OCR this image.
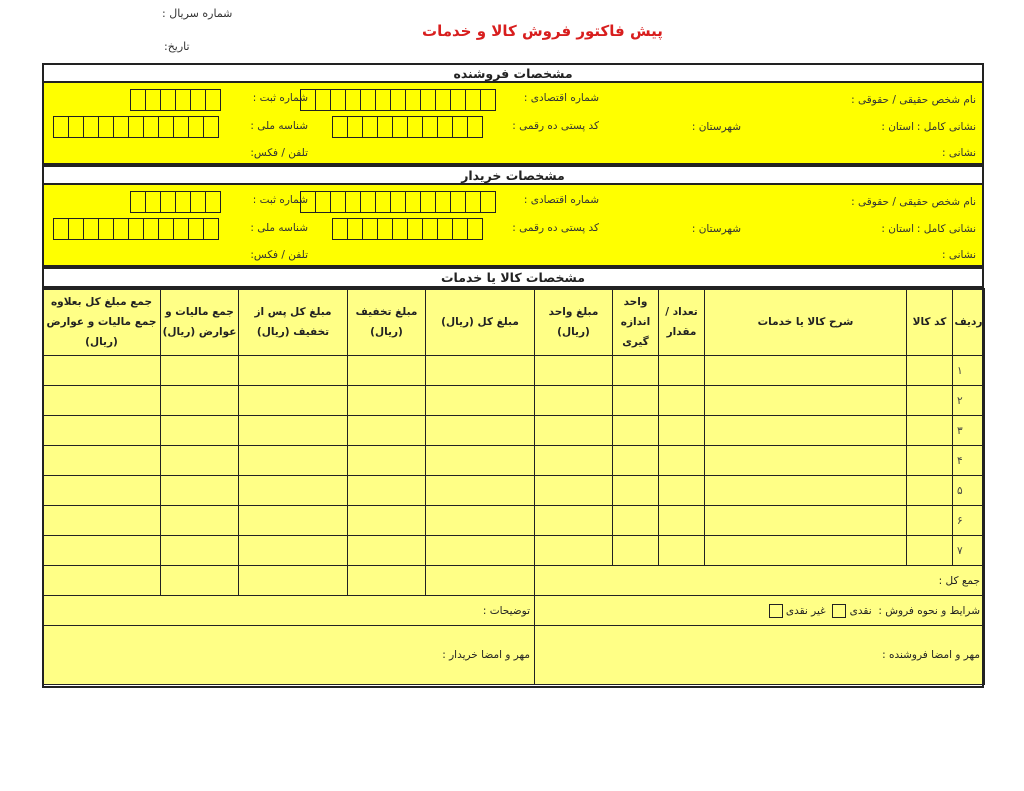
شماره سریال :
تاریخ:
پیش فاکتور فروش کالا و خدمات
مشخصات فروشنده
نام شخص حقیقی / حقوقی :
شماره اقتصادی :
شماره ثبت :
نشانی کامل :
استان :
شهرستان :
کد پستی ده رقمی :
شناسه ملی :
نشانی :
تلفن / فکس:
مشخصات خریدار
نام شخص حقیقی / حقوقی :
شماره اقتصادی :
شماره ثبت :
نشانی کامل :
استان :
شهرستان :
کد پستی ده رقمی :
شناسه ملی :
نشانی :
تلفن / فکس:
مشخصات کالا یا خدمات
ردیف	کد کالا	شرح کالا یا خدمات	تعداد / مقدار	واحد اندازه گیری	مبلغ واحد (ریال)	مبلغ کل (ریال)	مبلغ تخفیف (ریال)	مبلغ کل پس از تخفیف (ریال)	جمع مالیات و عوارض (ریال)	جمع مبلغ کل بعلاوه جمع مالیات و عوارض (ریال)
۱										
۲										
۳										
۴										
۵										
۶										
۷										
جمع کل :										
شرایط و نحوه فروش :  نقدی   غیر نقدی						توضیحات :				
مهر و امضا فروشنده :						مهر و امضا خریدار :				
